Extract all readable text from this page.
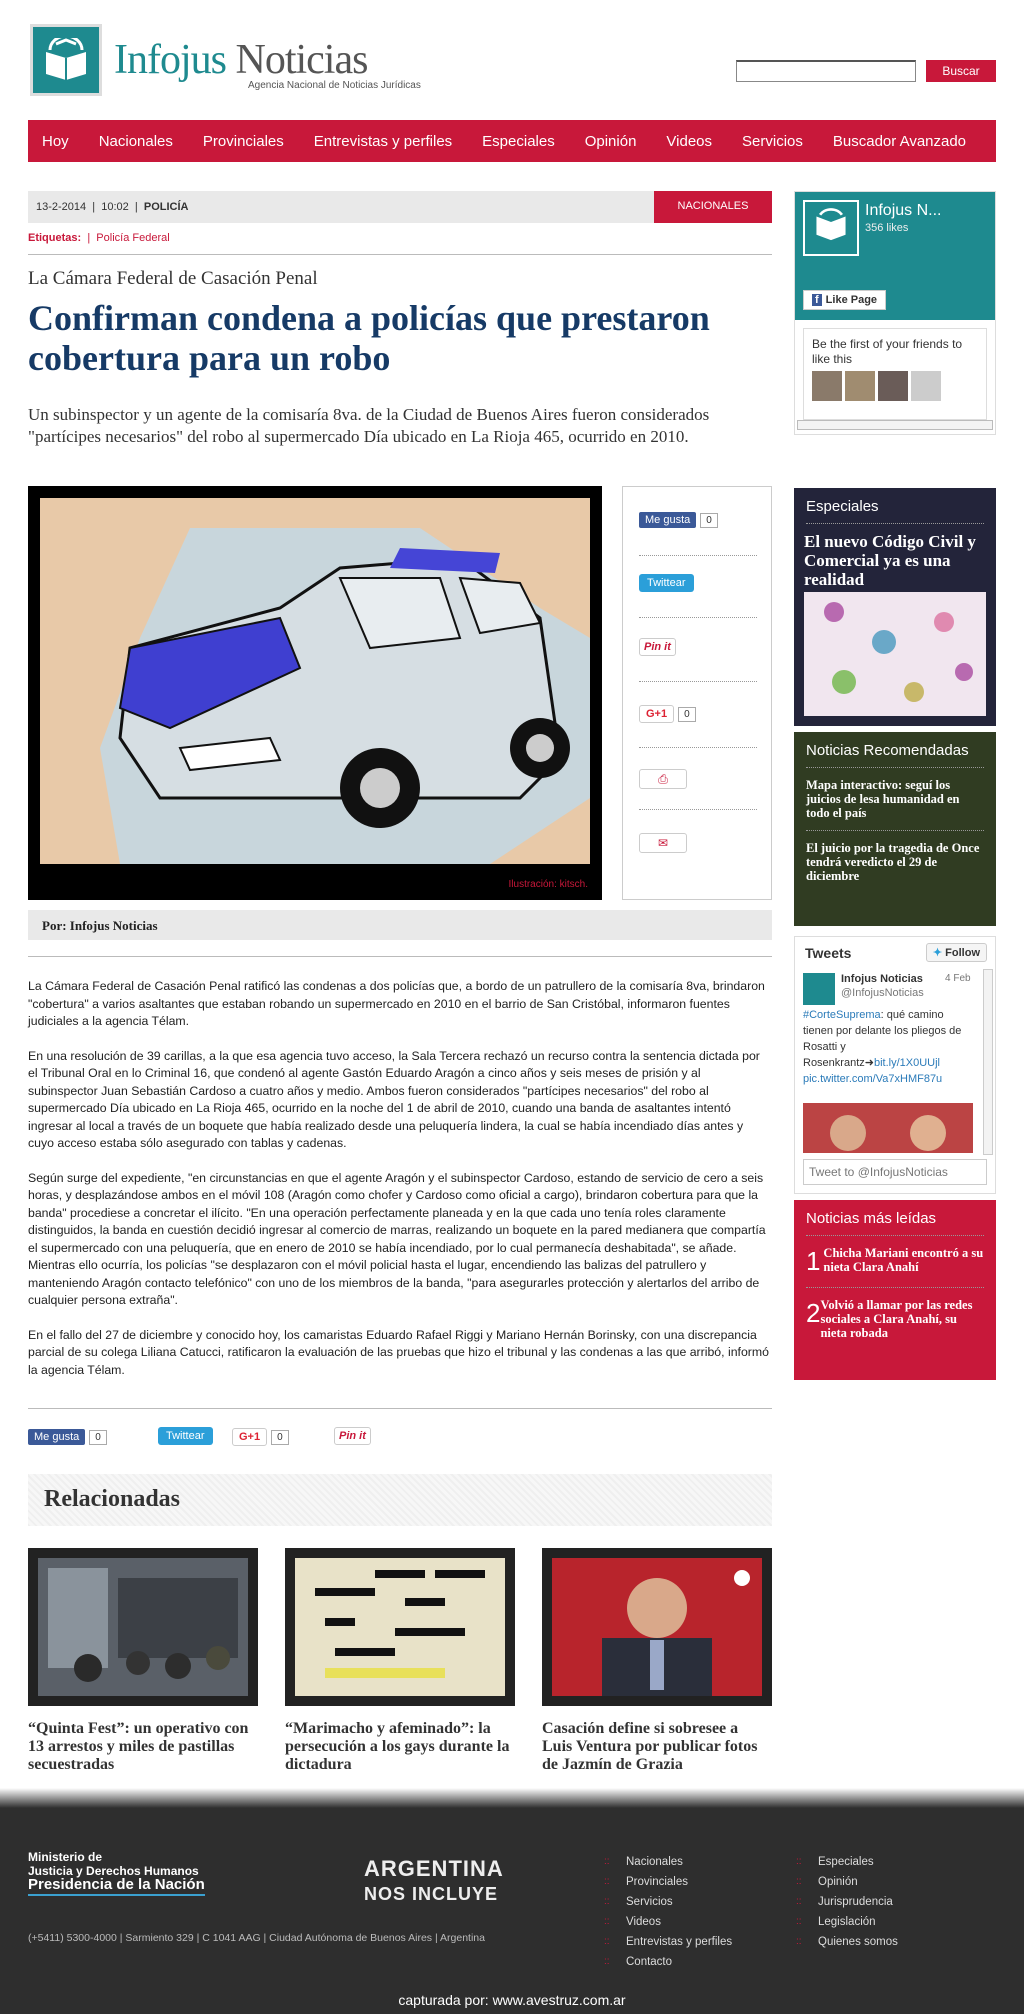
Infojus Noticias
Agencia Nacional de Noticias Jurídicas
Buscar
Hoy Nacionales Provinciales Entrevistas y perfiles Especiales Opinión Videos Servicios Buscador Avanzado
13-2-2014  |  10:02  |  POLICÍA	NACIONALES
Etiquetas: | Policía Federal
La Cámara Federal de Casación Penal
Confirman condena a policías que prestaron cobertura para un robo
Un subinspector y un agente de la comisaría 8va. de la Ciudad de Buenos Aires fueron considerados "partícipes necesarios" del robo al supermercado Día ubicado en La Rioja 465, ocurrido en 2010.
Ilustración: kitsch.
Me gusta 0
Twittear
Pin it
G+1 0
⎙
✉
Por: Infojus Noticias

La Cámara Federal de Casación Penal ratificó las condenas a dos policías que, a bordo de un patrullero de la comisaría 8va, brindaron "cobertura" a varios asaltantes que estaban robando un supermercado en 2010 en el barrio de San Cristóbal, informaron fuentes judiciales a la agencia Télam.

En una resolución de 39 carillas, a la que esa agencia tuvo acceso, la Sala Tercera rechazó un recurso contra la sentencia dictada por el Tribunal Oral en lo Criminal 16, que condenó al agente Gastón Eduardo Aragón a cinco años y seis meses de prisión y al subinspector Juan Sebastián Cardoso a cuatro años y medio. Ambos fueron considerados "partícipes necesarios" del robo al supermercado Día ubicado en La Rioja 465, ocurrido en la noche del 1 de abril de 2010, cuando una banda de asaltantes intentó ingresar al local a través de un boquete que había realizado desde una peluquería lindera, la cual se había incendiado días antes y cuyo acceso estaba sólo asegurado con tablas y cadenas.

Según surge del expediente, "en circunstancias en que el agente Aragón y el subinspector Cardoso, estando de servicio de cero a seis horas, y desplazándose ambos en el móvil 108 (Aragón como chofer y Cardoso como oficial a cargo), brindaron cobertura para que la banda" procediese a concretar el ilícito. "En una operación perfectamente planeada y en la que cada uno tenía roles claramente distinguidos, la banda en cuestión decidió ingresar al comercio de marras, realizando un boquete en la pared medianera que compartía el supermercado con una peluquería, que en enero de 2010 se había incendiado, por lo cual permanecía deshabitada", se añade. Mientras ello ocurría, los policías "se desplazaron con el móvil policial hasta el lugar, encendiendo las balizas del patrullero y manteniendo Aragón contacto telefónico" con uno de los miembros de la banda, "para asegurarles protección y alertarlos del arribo de cualquier persona extraña".

En el fallo del 27 de diciembre y conocido hoy, los camaristas Eduardo Rafael Riggi y Mariano Hernán Borinsky, con una discrepancia parcial de su colega Liliana Catucci, ratificaron la evaluación de las pruebas que hizo el tribunal y las condenas a las que arribó, informó la agencia Télam.

Me gusta 0	Twittear	G+1 0	Pin it
Relacionadas
“Quinta Fest”: un operativo con 13 arrestos y miles de pastillas secuestradas
“Marimacho y afeminado”: la persecución a los gays durante la dictadura
Casación define si sobresee a Luis Ventura por publicar fotos de Jazmín de Grazia
Infojus N...
356 likes
f Like Page
Be the first of your friends to like this
Especiales
El nuevo Código Civil y Comercial ya es una realidad
Noticias Recomendadas
Mapa interactivo: seguí los juicios de lesa humanidad en todo el país
El juicio por la tragedia de Once tendrá veredicto el 29 de diciembre
Tweets	✦ Follow
Infojus Noticias
@InfojusNoticias
4 Feb
#CorteSuprema: qué camino tienen por delante los pliegos de Rosatti y Rosenkrantz➜bit.ly/1X0UUjl
pic.twitter.com/Va7xHMF87u
Tweet to @InfojusNoticias
Noticias más leídas
1 Chicha Mariani encontró a su nieta Clara Anahí
2 Volvió a llamar por las redes sociales a Clara Anahí, su nieta robada
Ministerio de
Justicia y Derechos Humanos
Presidencia de la Nación
ARGENTINA
NOS INCLUYE
(+5411) 5300-4000 | Sarmiento 329 | C 1041 AAG | Ciudad Autónoma de Buenos Aires | Argentina
:: Nacionales
:: Provinciales
:: Servicios
:: Videos
:: Entrevistas y perfiles
:: Contacto
:: Especiales
:: Opinión
:: Jurisprudencia
:: Legislación
:: Quienes somos
capturada por: www.avestruz.com.ar
